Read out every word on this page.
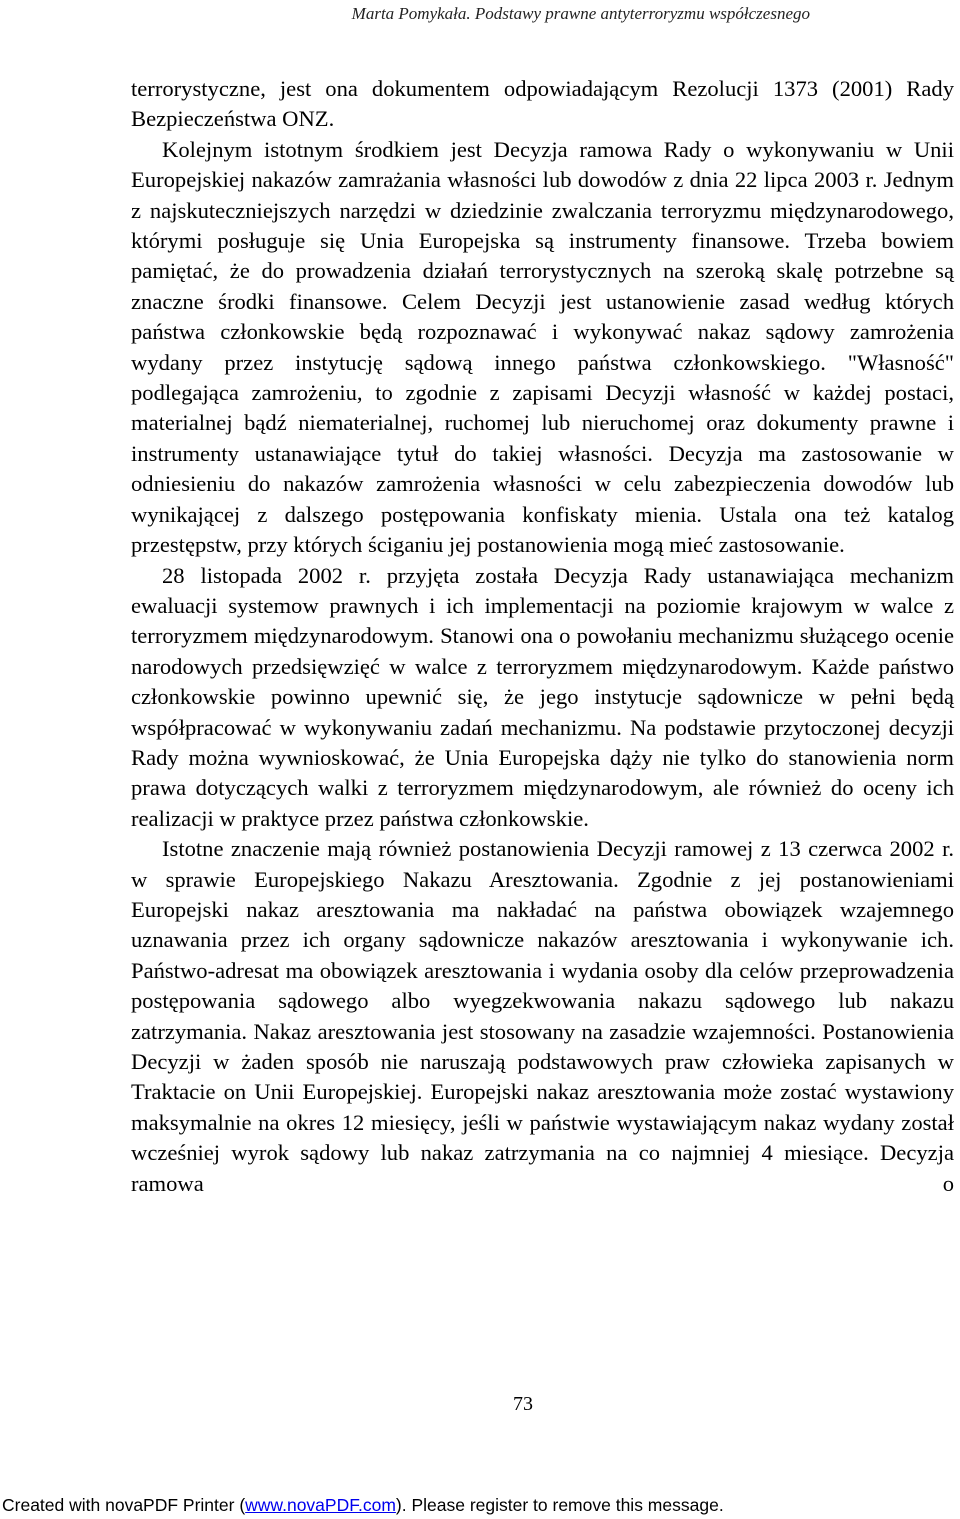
Marta Pomykała. Podstawy prawne antyterroryzmu współczesnego

terrorystyczne, jest ona dokumentem odpowiadającym Rezolucji 1373 (2001) Rady Bezpieczeństwa ONZ.

Kolejnym istotnym środkiem jest Decyzja ramowa Rady o wykonywaniu w Unii Europejskiej nakazów zamrażania własności lub dowodów z dnia 22 lipca 2003 r. Jednym z najskuteczniejszych narzędzi w dziedzinie zwalczania terroryzmu międzynarodowego, którymi posługuje się Unia Europejska są instrumenty finansowe. Trzeba bowiem pamiętać, że do prowadzenia działań terrorystycznych na szeroką skalę potrzebne są znaczne środki finansowe. Celem Decyzji jest ustanowienie zasad według których państwa członkowskie będą rozpoznawać i wykonywać nakaz sądowy zamrożenia wydany przez instytucję sądową innego państwa członkowskiego. "Własność" podlegająca zamrożeniu, to zgodnie z zapisami Decyzji własność w każdej postaci, materialnej bądź niematerialnej, ruchomej lub nieruchomej oraz dokumenty prawne i instrumenty ustanawiające tytuł do takiej własności. Decyzja ma zastosowanie w odniesieniu do nakazów zamrożenia własności w celu zabezpieczenia dowodów lub wynikającej z dalszego postępowania konfiskaty mienia. Ustala ona też katalog przestępstw, przy których ściganiu jej postanowienia mogą mieć zastosowanie.

28 listopada 2002 r. przyjęta została Decyzja Rady ustanawiająca mechanizm ewaluacji systemow prawnych i ich implementacji na poziomie krajowym w walce z terroryzmem międzynarodowym. Stanowi ona o powołaniu mechanizmu służącego ocenie narodowych przedsięwzięć w walce z terroryzmem międzynarodowym. Każde państwo członkowskie powinno upewnić się, że jego instytucje sądownicze w pełni będą współpracować w wykonywaniu zadań mechanizmu. Na podstawie przytoczonej decyzji Rady można wywnioskować, że Unia Europejska dąży nie tylko do stanowienia norm prawa dotyczących walki z terroryzmem międzynarodowym, ale również do oceny ich realizacji w praktyce przez państwa członkowskie.

Istotne znaczenie mają również postanowienia Decyzji ramowej z 13 czerwca 2002 r. w sprawie Europejskiego Nakazu Aresztowania. Zgodnie z jej postanowieniami Europejski nakaz aresztowania ma nakładać na państwa obowiązek wzajemnego uznawania przez ich organy sądownicze nakazów aresztowania i wykonywanie ich. Państwo-adresat ma obowiązek aresztowania i wydania osoby dla celów przeprowadzenia postępowania sądowego albo wyegzekwowania nakazu sądowego lub nakazu zatrzymania. Nakaz aresztowania jest stosowany na zasadzie wzajemności. Postanowienia Decyzji w żaden sposób nie naruszają podstawowych praw człowieka zapisanych w Traktacie on Unii Europejskiej. Europejski nakaz aresztowania może zostać wystawiony maksymalnie na okres 12 miesięcy, jeśli w państwie wystawiającym nakaz wydany został wcześniej wyrok sądowy lub nakaz zatrzymania na co najmniej 4 miesiące. Decyzja ramowa o

73
Created with novaPDF Printer (www.novaPDF.com). Please register to remove this message.
